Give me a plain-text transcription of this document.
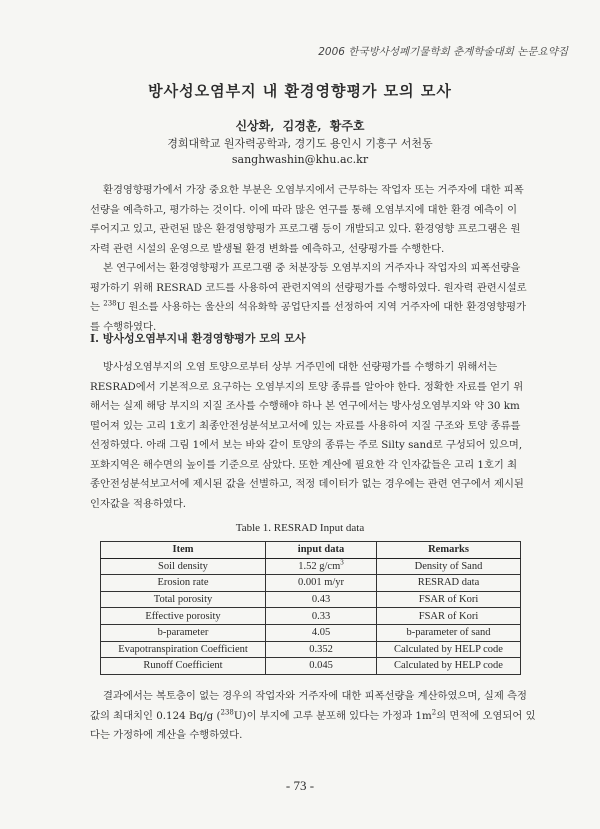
2006 한국방사성폐기물학회 춘계학술대회 논문요약집
방사성오염부지 내 환경영향평가 모의 모사
신상화, 김경훈, 황주호
경희대학교 원자력공학과, 경기도 용인시 기흥구 서천동
sanghwashin@khu.ac.kr
환경영향평가에서 가장 중요한 부분은 오염부지에서 근무하는 작업자 또는 거주자에 대한 피폭
선량을 예측하고, 평가하는 것이다. 이에 따라 많은 연구를 통해 오염부지에 대한 환경 예측이 이
루어지고 있고, 관련된 많은 환경영향평가 프로그램 등이 개발되고 있다. 환경영향 프로그램은 원
자력 관련 시설의 운영으로 발생될 환경 변화를 예측하고, 선량평가를 수행한다.
본 연구에서는 환경영향평가 프로그램 중 처분장등 오염부지의 거주자나 작업자의 피폭선량을
평가하기 위해 RESRAD 코드를 사용하여 관련지역의 선량평가를 수행하였다. 원자력 관련시설로
는 $^{238}$U 원소를 사용하는 울산의 석유화학 공업단지를 선정하여 지역 거주자에 대한 환경영향평가
를 수행하였다.
I. 방사성오염부지내 환경영향평가 모의 모사
방사성오염부지의 오염 토양으로부터 상부 거주민에 대한 선량평가를 수행하기 위해서는
RESRAD에서 기본적으로 요구하는 오염부지의 토양 종류를 알아야 한다. 정확한 자료를 얻기 위
해서는 실제 해당 부지의 지질 조사를 수행해야 하나 본 연구에서는 방사성오염부지와 약 30 km
떨어져 있는 고리 1호기 최종안전성분석보고서에 있는 자료를 사용하여 지질 구조와 토양 종류를
선정하였다. 아래 그림 1에서 보는 바와 같이 토양의 종류는 주로 Silty sand로 구성되어 있으며,
포화지역은 해수면의 높이를 기준으로 삼았다. 또한 계산에 필요한 각 인자값들은 고리 1호기 최
종안전성분석보고서에 제시된 값을 선별하고, 적정 데이터가 없는 경우에는 관련 연구에서 제시된
인자값을 적용하였다.
Table 1. RESRAD Input data
Item	input data	Remarks
Soil density	1.52 $g/cm^3$	Density of Sand
Erosion rate	0.001 m/yr	RESRAD data
Total porosity	0.43	FSAR of Kori
Effective porosity	0.33	FSAR of Kori
b-parameter	4.05	b-parameter of sand
Evapotranspiration Coefficient	0.352	Calculated by HELP code
Runoff Coefficient	0.045	Calculated by HELP code
결과에서는 복토층이 없는 경우의 작업자와 거주자에 대한 피폭선량을 계산하였으며, 실제 측정
값의 최대치인 0.124 Bq/g ($^{238}$U)이 부지에 고루 분포해 있다는 가정과 $1m^2$의 면적에 오염되어 있
다는 가정하에 계산을 수행하였다.
- 73 -
